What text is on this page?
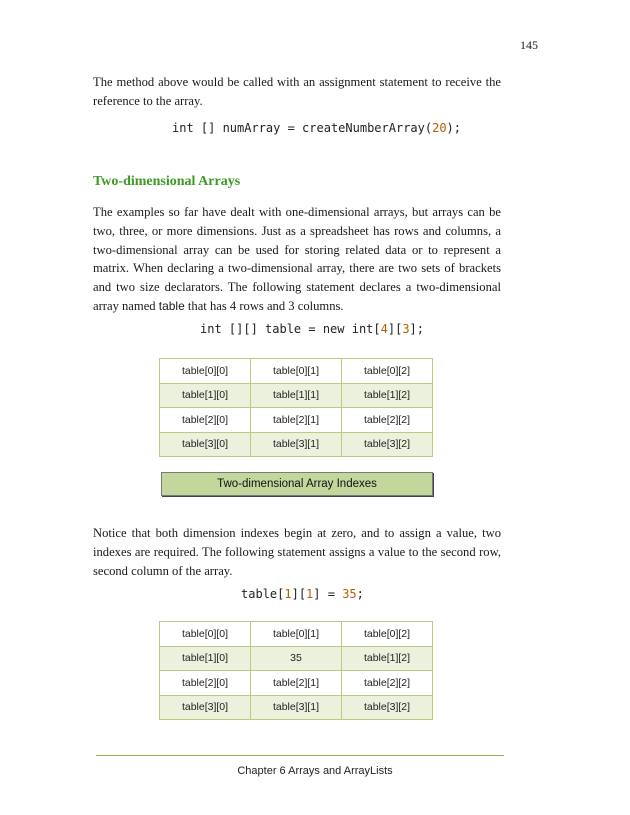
145

The method above would be called with an assignment statement to receive the reference to the array.

int [] numArray = createNumberArray(20);
Two-dimensional Arrays

The examples so far have dealt with one-dimensional arrays, but arrays can be two, three, or more dimensions. Just as a spreadsheet has rows and columns, a two-dimensional array can be used for storing related data or to represent a matrix. When declaring a two-dimensional array, there are two sets of brackets and two size declarators. The following statement declares a two-dimensional array named table that has 4 rows and 3 columns.

int [][] table = new int[4][3];
table[0][0]	table[0][1]	table[0][2]
table[1][0]	table[1][1]	table[1][2]
table[2][0]	table[2][1]	table[2][2]
table[3][0]	table[3][1]	table[3][2]
Two-dimensional Array Indexes

Notice that both dimension indexes begin at zero, and to assign a value, two indexes are required. The following statement assigns a value to the second row, second column of the array.

table[1][1] = 35;
table[0][0]	table[0][1]	table[0][2]
table[1][0]	35	table[1][2]
table[2][0]	table[2][1]	table[2][2]
table[3][0]	table[3][1]	table[3][2]
Chapter 6 Arrays and ArrayLists
